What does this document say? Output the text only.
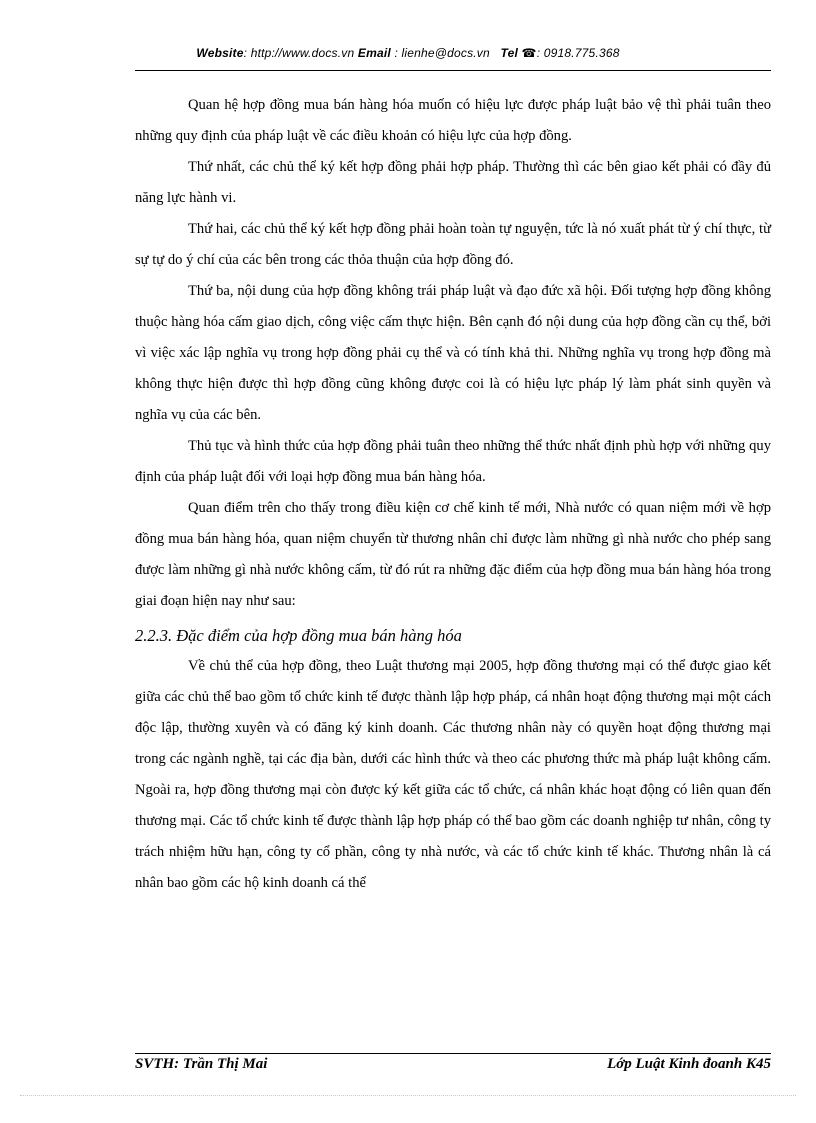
Website: http://www.docs.vn Email : lienhe@docs.vn Tel ☎: 0918.775.368

Quan hệ hợp đồng mua bán hàng hóa muốn có hiệu lực được pháp luật bảo vệ thì phải tuân theo những quy định của pháp luật về các điều khoản có hiệu lực của hợp đồng.

Thứ nhất, các chủ thể ký kết hợp đồng phải hợp pháp. Thường thì các bên giao kết phải có đầy đủ năng lực hành vi.

Thứ hai, các chủ thể ký kết hợp đồng phải hoàn toàn tự nguyện, tức là nó xuất phát từ ý chí thực, từ sự tự do ý chí của các bên trong các thỏa thuận của hợp đồng đó.

Thứ ba, nội dung của hợp đồng không trái pháp luật và đạo đức xã hội. Đối tượng hợp đồng không thuộc hàng hóa cấm giao dịch, công việc cấm thực hiện. Bên cạnh đó nội dung của hợp đồng cần cụ thể, bởi vì việc xác lập nghĩa vụ trong hợp đồng phải cụ thể và có tính khả thi. Những nghĩa vụ trong hợp đồng mà không thực hiện được thì hợp đồng cũng không được coi là có hiệu lực pháp lý làm phát sinh quyền và nghĩa vụ của các bên.

Thủ tục và hình thức của hợp đồng phải tuân theo những thể thức nhất định phù hợp với những quy định của pháp luật đối với loại hợp đồng mua bán hàng hóa.

Quan điểm trên cho thấy trong điều kiện cơ chế kinh tế mới, Nhà nước có quan niệm mới về hợp đồng mua bán hàng hóa, quan niệm chuyển từ thương nhân chỉ được làm những gì nhà nước cho phép sang được làm những gì nhà nước không cấm, từ đó rút ra những đặc điểm của hợp đồng mua bán hàng hóa trong giai đoạn hiện nay như sau:

2.2.3. Đặc điểm của hợp đồng mua bán hàng hóa

Về chủ thể của hợp đồng, theo Luật thương mại 2005, hợp đồng thương mại có thể được giao kết giữa các chủ thể bao gồm tổ chức kinh tế được thành lập hợp pháp, cá nhân hoạt động thương mại một cách độc lập, thường xuyên và có đăng ký kinh doanh. Các thương nhân này có quyền hoạt động thương mại trong các ngành nghề, tại các địa bàn, dưới các hình thức và theo các phương thức mà pháp luật không cấm. Ngoài ra, hợp đồng thương mại còn được ký kết giữa các tổ chức, cá nhân khác hoạt động có liên quan đến thương mại. Các tổ chức kinh tế được thành lập hợp pháp có thể bao gồm các doanh nghiệp tư nhân, công ty trách nhiệm hữu hạn, công ty cổ phần, công ty nhà nước, và các tổ chức kinh tế khác. Thương nhân là cá nhân bao gồm các hộ kinh doanh cá thể

SVTH: Trần Thị Mai	Lớp Luật Kinh đoanh K45
